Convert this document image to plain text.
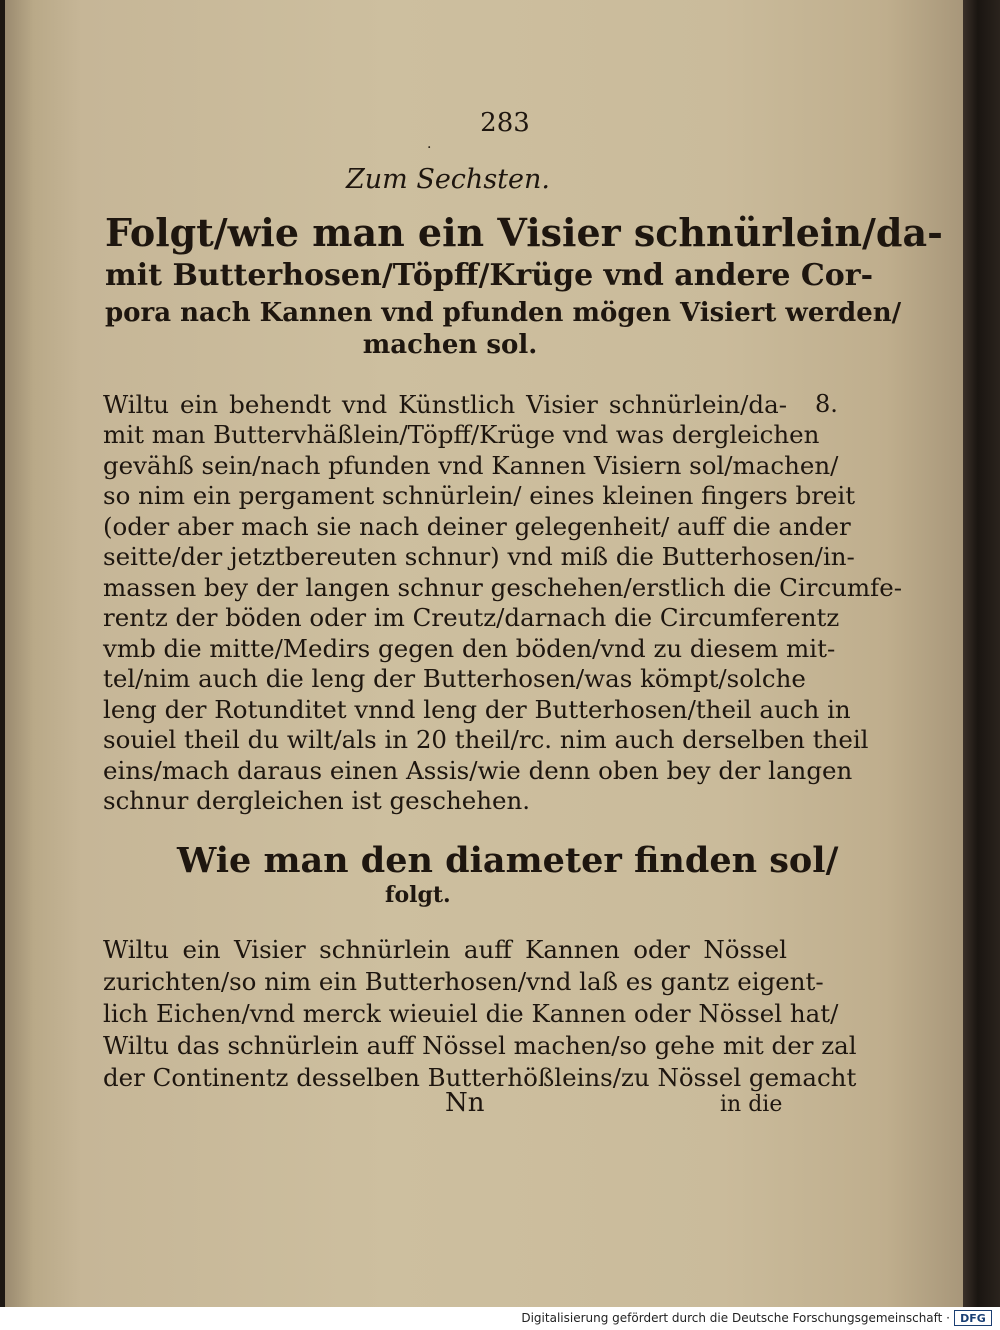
283
·
Zum Sechsten.
Folgt/wie man ein Visier schnürlein/da-
mit Butterhosen/Töpff/Krüge vnd andere Cor-
pora nach Kannen vnd pfunden mögen Visiert werden/
machen sol.
8.
Wiltu ein behendt vnd Künstlich Visier schnürlein/da-
mit man Buttervhäßlein/Töpff/Krüge vnd was dergleichen
gevähß sein/nach pfunden vnd Kannen Visiern sol/machen/
so nim ein pergament schnürlein/ eines kleinen fingers breit
(oder aber mach sie nach deiner gelegenheit/ auff die ander
seitte/der jetztbereuten schnur) vnd miß die Butterhosen/in-
massen bey der langen schnur geschehen/erstlich die Circumfe-
rentz der böden oder im Creutz/darnach die Circumferentz
vmb die mitte/Medirs gegen den böden/vnd zu diesem mit-
tel/nim auch die leng der Butterhosen/was kömpt/solche
leng der Rotunditet vnnd leng der Butterhosen/theil auch in
souiel theil du wilt/als in 20 theil/rc. nim auch derselben theil
eins/mach daraus einen Assis/wie denn oben bey der langen
schnur dergleichen ist geschehen.
Wie man den diameter finden sol/
folgt.
Wiltu ein Visier schnürlein auff Kannen oder Nössel
zurichten/so nim ein Butterhosen/vnd laß es gantz eigent-
lich Eichen/vnd merck wieuiel die Kannen oder Nössel hat/
Wiltu das schnürlein auff Nössel machen/so gehe mit der zal
der Continentz desselben Butterhößleins/zu Nössel gemacht
Nn	in die
Digitalisierung gefördert durch die Deutsche Forschungsgemeinschaft · DFG
